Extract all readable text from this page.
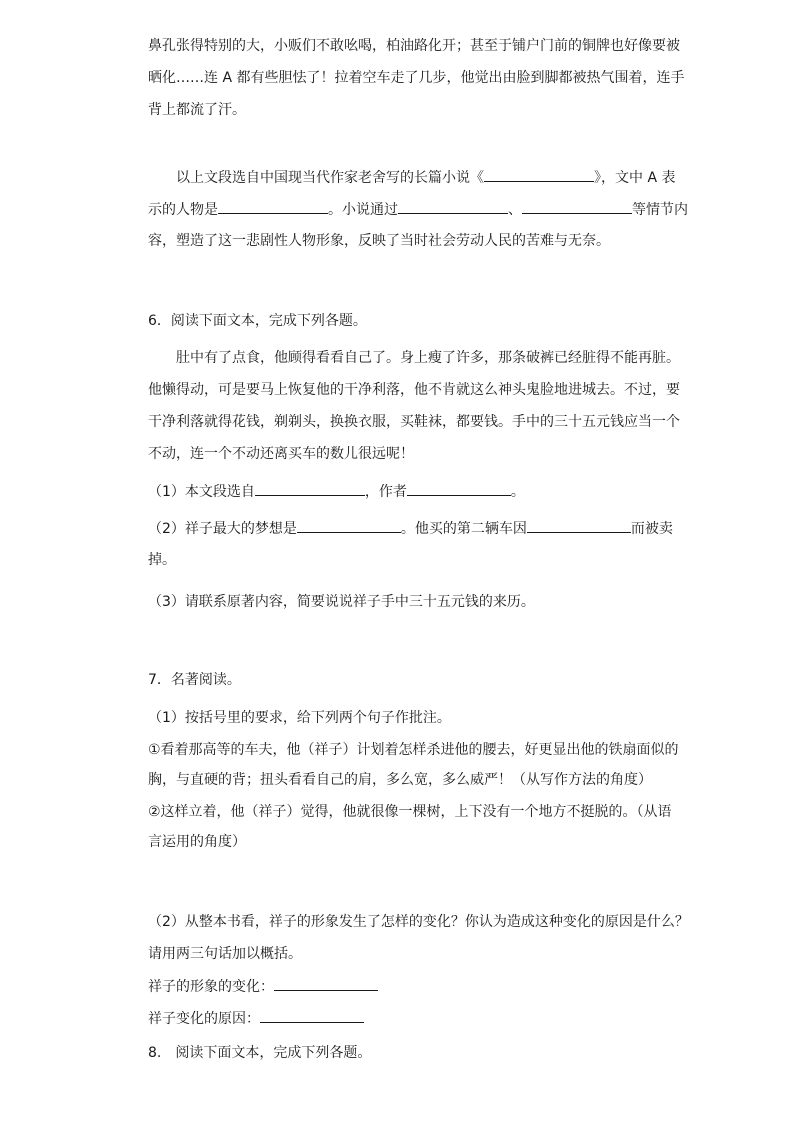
鼻孔张得特别的大，小贩们不敢吆喝，柏油路化开；甚至于铺户门前的铜牌也好像要被
晒化……连 A 都有些胆怯了！拉着空车走了几步，他觉出由脸到脚都被热气围着，连手
背上都流了汗。
以上文段选自中国现当代作家老舍写的长篇小说《	》，文中 A 表
示的人物是	。小说通过	、	等情节内
容，塑造了这一悲剧性人物形象，反映了当时社会劳动人民的苦难与无奈。
6．阅读下面文本，完成下列各题。
肚中有了点食，他顾得看看自己了。身上瘦了许多，那条破裤已经脏得不能再脏。
他懒得动，可是要马上恢复他的干净利落，他不肯就这么神头鬼脸地进城去。不过，要
干净利落就得花钱，剃剃头，换换衣服，买鞋袜，都要钱。手中的三十五元钱应当一个
不动，连一个不动还离买车的数儿很远呢！
（1）本文段选自	，作者	。
（2）祥子最大的梦想是	。他买的第二辆车因	而被卖
掉。
（3）请联系原著内容，简要说说祥子手中三十五元钱的来历。
7．名著阅读。
（1）按括号里的要求，给下列两个句子作批注。
①看着那高等的车夫，他（祥子）计划着怎样杀进他的腰去，好更显出他的铁扇面似的
胸，与直硬的背；扭头看看自己的肩，多么宽，多么威严！（从写作方法的角度）
②这样立着，他（祥子）觉得，他就很像一棵树，上下没有一个地方不挺脱的。（从语
言运用的角度）
（2）从整本书看，祥子的形象发生了怎样的变化？你认为造成这种变化的原因是什么？
请用两三句话加以概括。
祥子的形象的变化：
祥子变化的原因：
8.　阅读下面文本，完成下列各题。
